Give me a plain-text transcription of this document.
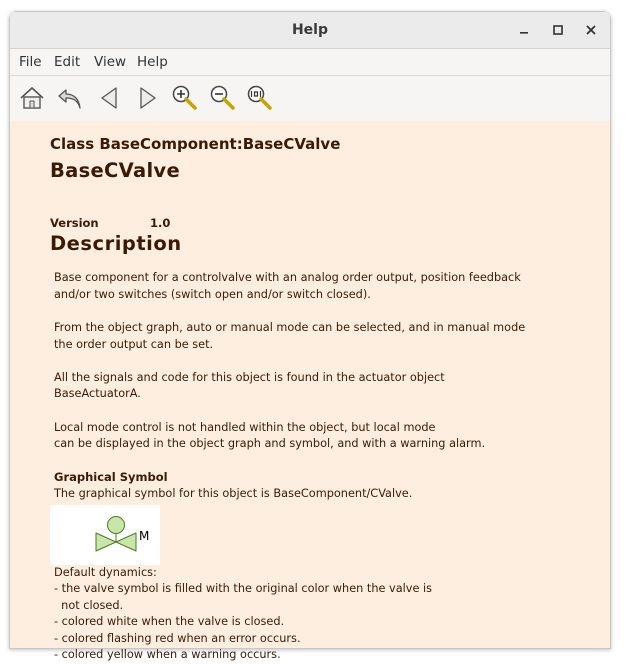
Help
File Edit View Help
Class BaseComponent:BaseCValve
BaseCValve
Version	1.0
Description
Base component for a controlvalve with an analog order output, position feedback
and/or two switches (switch open and/or switch closed).
From the object graph, auto or manual mode can be selected, and in manual mode
the order output can be set.
All the signals and code for this object is found in the actuator object
BaseActuatorA.
Local mode control is not handled within the object, but local mode
can be displayed in the object graph and symbol, and with a warning alarm.
Graphical Symbol
The graphical symbol for this object is BaseComponent/CValve.
M
Default dynamics:
- the valve symbol is filled with the original color when the valve is
not closed.
- colored white when the valve is closed.
- colored flashing red when an error occurs.
- colored yellow when a warning occurs.
